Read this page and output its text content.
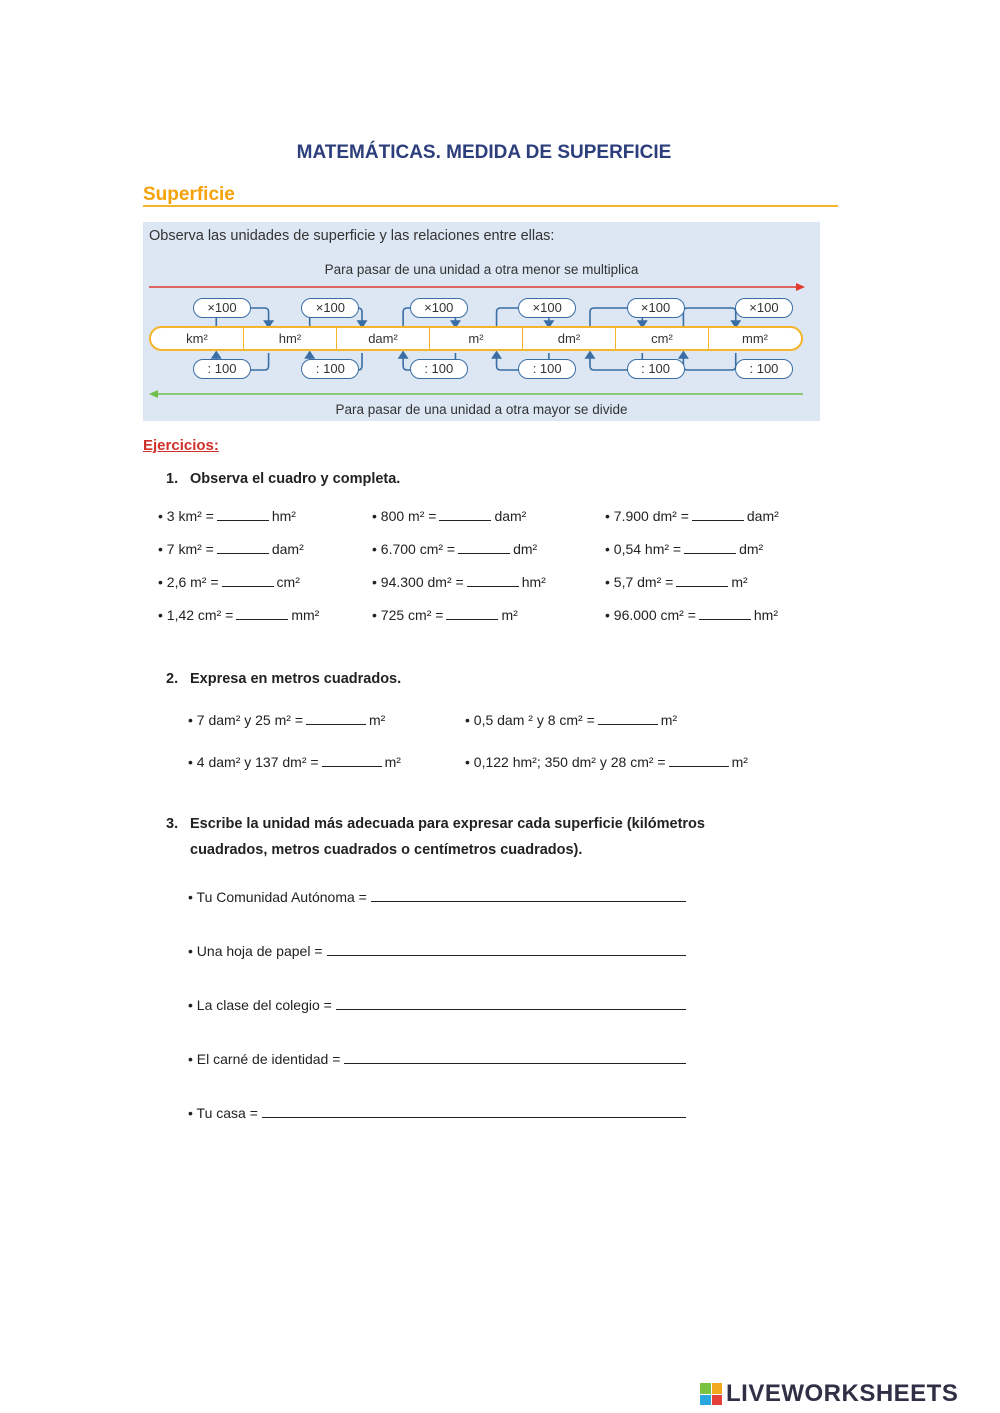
MATEMÁTICAS. MEDIDA DE SUPERFICIE
Superficie
Observa las unidades de superficie y las relaciones entre ellas:
Para pasar de una unidad a otra menor se multiplica
×100	×100	×100	×100	×100	×100
km²	hm²	dam²	m²	dm²	cm²	mm²
: 100	: 100	: 100	: 100	: 100	: 100
Para pasar de una unidad a otra mayor se divide
Ejercicios:
1. Observa el cuadro y completa.
• 3 km² =	hm²	• 800 m² =	dam²	• 7.900 dm² =	dam²
• 7 km² =	dam²	• 6.700 cm² =	dm²	• 0,54 hm² =	dm²
• 2,6 m² =	cm²	• 94.300 dm² =	hm²	• 5,7 dm² =	m²
• 1,42 cm² =	mm²	• 725 cm² =	m²	• 96.000 cm² =	hm²
2. Expresa en metros cuadrados.
• 7 dam² y 25 m² =	m²	• 0,5 dam ² y 8 cm² =	m²
• 4 dam² y 137 dm² =	m²	• 0,122 hm²; 350 dm² y 28 cm² =	m²
3. Escribe la unidad más adecuada para expresar cada superficie (kilómetros
cuadrados, metros cuadrados o centímetros cuadrados).
• Tu Comunidad Autónoma =
• Una hoja de papel =
• La clase del colegio =
• El carné de identidad =
• Tu casa =
LIVEWORKSHEETS
